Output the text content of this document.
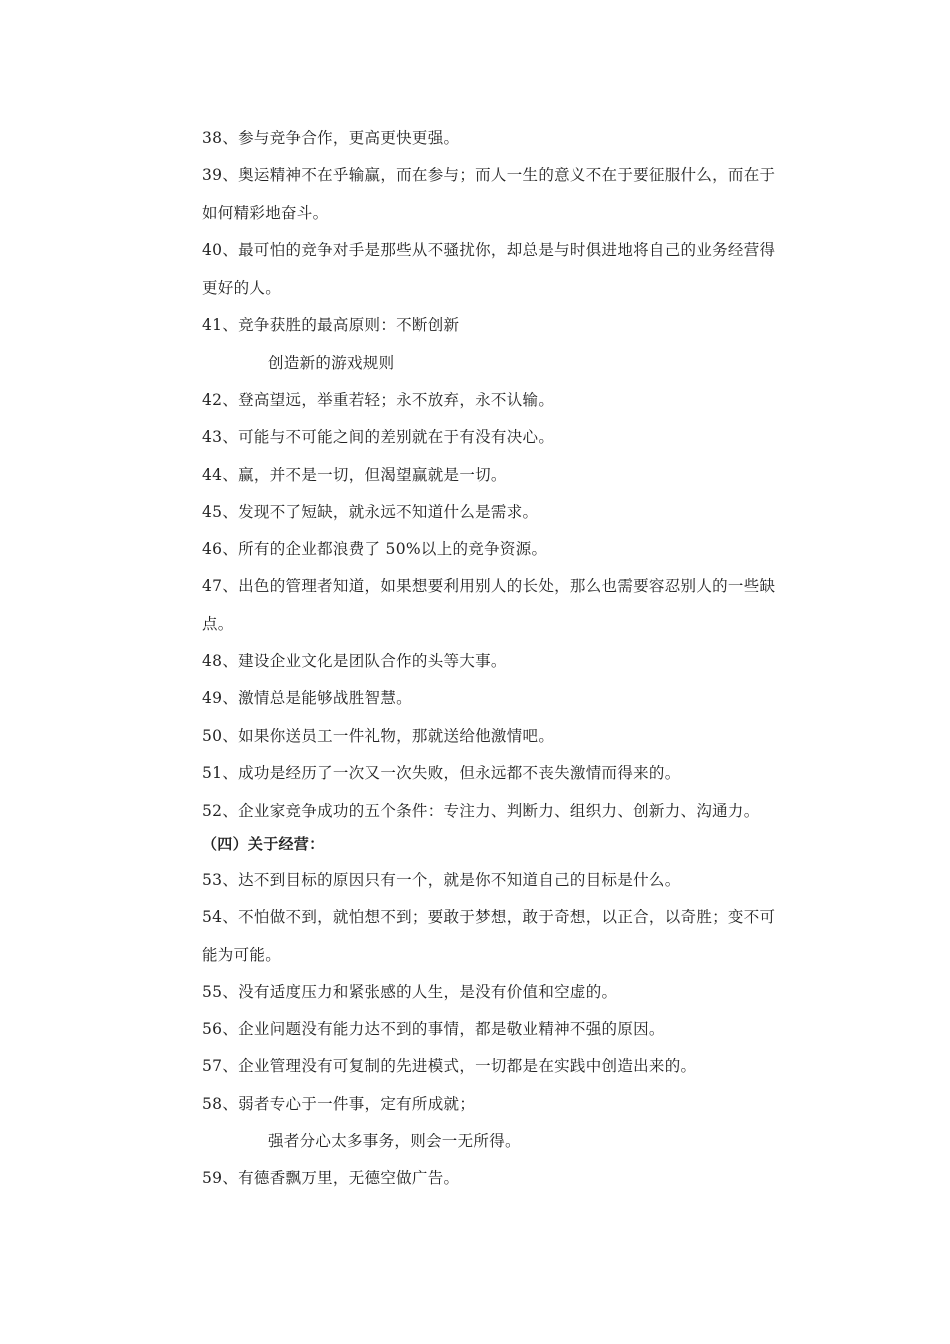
38、参与竞争合作，更高更快更强。
39、奥运精神不在乎输赢，而在参与；而人一生的意义不在于要征服什么，而在于
如何精彩地奋斗。
40、最可怕的竞争对手是那些从不骚扰你，却总是与时俱进地将自己的业务经营得
更好的人。
41、竞争获胜的最高原则：不断创新
创造新的游戏规则
42、登高望远，举重若轻；永不放弃，永不认输。
43、可能与不可能之间的差别就在于有没有决心。
44、赢，并不是一切，但渴望赢就是一切。
45、发现不了短缺，就永远不知道什么是需求。
46、所有的企业都浪费了 50%以上的竞争资源。
47、出色的管理者知道，如果想要利用别人的长处，那么也需要容忍别人的一些缺
点。
48、建设企业文化是团队合作的头等大事。
49、激情总是能够战胜智慧。
50、如果你送员工一件礼物，那就送给他激情吧。
51、成功是经历了一次又一次失败，但永远都不丧失激情而得来的。
52、企业家竞争成功的五个条件：专注力、判断力、组织力、创新力、沟通力。
（四）关于经营：
53、达不到目标的原因只有一个，就是你不知道自己的目标是什么。
54、不怕做不到，就怕想不到；要敢于梦想，敢于奇想，以正合，以奇胜；变不可
能为可能。
55、没有适度压力和紧张感的人生，是没有价值和空虚的。
56、企业问题没有能力达不到的事情，都是敬业精神不强的原因。
57、企业管理没有可复制的先进模式，一切都是在实践中创造出来的。
58、弱者专心于一件事，定有所成就；
强者分心太多事务，则会一无所得。
59、有德香飘万里，无德空做广告。
